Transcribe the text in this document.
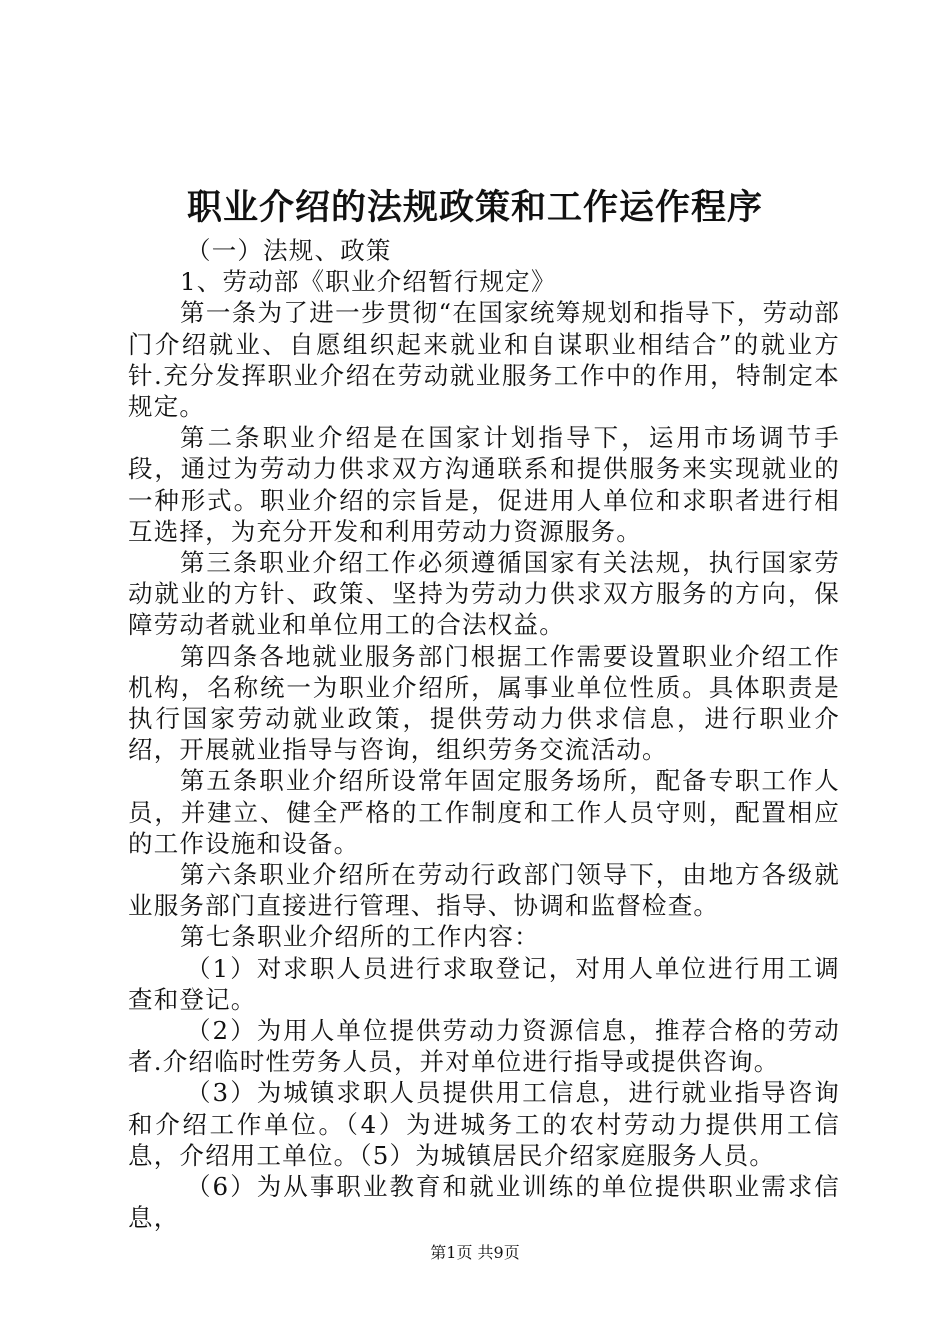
职业介绍的法规政策和工作运作程序

（一）法规、政策

1、劳动部《职业介绍暂行规定》

第一条为了进一步贯彻“在国家统筹规划和指导下，劳动部门介绍就业、自愿组织起来就业和自谋职业相结合”的就业方针.充分发挥职业介绍在劳动就业服务工作中的作用，特制定本规定。

第二条职业介绍是在国家计划指导下，运用市场调节手段，通过为劳动力供求双方沟通联系和提供服务来实现就业的一种形式。职业介绍的宗旨是，促进用人单位和求职者进行相互选择，为充分开发和利用劳动力资源服务。

第三条职业介绍工作必须遵循国家有关法规，执行国家劳动就业的方针、政策、坚持为劳动力供求双方服务的方向，保障劳动者就业和单位用工的合法权益。

第四条各地就业服务部门根据工作需要设置职业介绍工作机构，名称统一为职业介绍所，属事业单位性质。具体职责是执行国家劳动就业政策，提供劳动力供求信息，进行职业介绍，开展就业指导与咨询，组织劳务交流活动。

第五条职业介绍所设常年固定服务场所，配备专职工作人员，并建立、健全严格的工作制度和工作人员守则，配置相应的工作设施和设备。

第六条职业介绍所在劳动行政部门领导下，由地方各级就业服务部门直接进行管理、指导、协调和监督检查。

第七条职业介绍所的工作内容：

（1）对求职人员进行求取登记，对用人单位进行用工调查和登记。

（2）为用人单位提供劳动力资源信息，推荐合格的劳动者.介绍临时性劳务人员，并对单位进行指导或提供咨询。

（3）为城镇求职人员提供用工信息，进行就业指导咨询和介绍工作单位。（4）为进城务工的农村劳动力提供用工信息，介绍用工单位。（5）为城镇居民介绍家庭服务人员。

（6）为从事职业教育和就业训练的单位提供职业需求信息，

第1页 共9页
